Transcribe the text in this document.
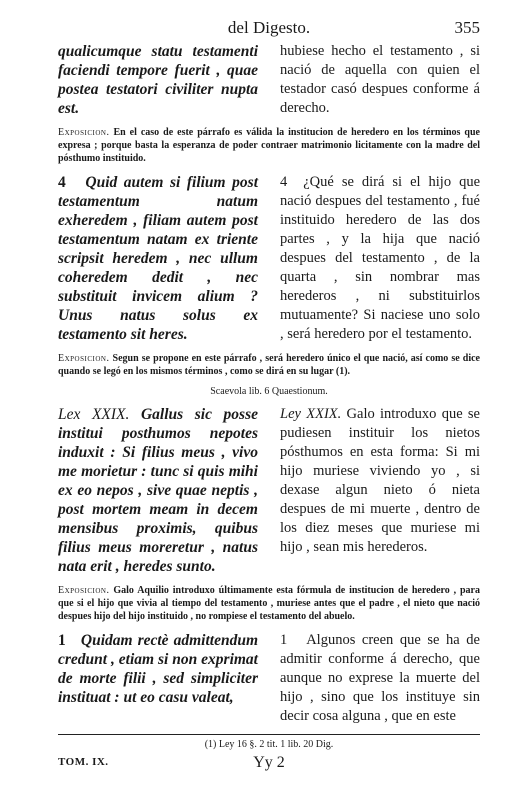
del Digesto.	355
qualicumque statu testamenti faciendi tempore fuerit , quae postea testatori civiliter nupta est.
hubiese hecho el testamento , si nació de aquella con quien el testador casó despues conforme á derecho.
Exposicion. En el caso de este párrafo es válida la institucion de heredero en los términos que expresa ; porque basta la esperanza de poder contraer matrimonio licitamente con la madre del pósthumo instituido.
4 Quid autem si filium post testamentum natum exheredem , filiam autem post testamentum natam ex triente scripsit heredem , nec ullum coheredem dedit , nec substituit invicem alium ? Unus natus solus ex testamento sit heres.
4 ¿Qué se dirá si el hijo que nació despues del testamento , fué instituido heredero de las dos partes , y la hija que nació despues del testamento , de la quarta , sin nombrar mas herederos , ni substituirlos mutuamente? Si naciese uno solo , será heredero por el testamento.
Exposicion. Segun se propone en este párrafo , será heredero único el que nació, así como se dice quando se legó en los mismos términos , como se dirá en su lugar (1).
Scaevola lib. 6 Quaestionum.
Lex XXIX. Gallus sic posse institui posthumos nepotes induxit : Si filius meus , vivo me morietur : tunc si quis mihi ex eo nepos , sive quae neptis , post mortem meam in decem mensibus proximis, quibus filius meus moreretur , natus nata erit , heredes sunto.
Ley XXIX. Galo introduxo que se pudiesen instituir los nietos pósthumos en esta forma: Si mi hijo muriese viviendo yo , si dexase algun nieto ó nieta despues de mi muerte , dentro de los diez meses que muriese mi hijo , sean mis herederos.
Exposicion. Galo Aquilio introduxo últimamente esta fórmula de institucion de heredero , para que si el hijo que vivia al tiempo del testamento , muriese antes que el padre , el nieto que nació despues hijo del hijo instituido , no rompiese el testamento del abuelo.
1 Quidam rectè admittendum credunt , etiam si non exprimat de morte filii , sed simpliciter instituat : ut eo casu valeat,
1 Algunos creen que se ha de admitir conforme á derecho, que aunque no exprese la muerte del hijo , sino que los instituye sin decir cosa alguna , que en este
(1) Ley 16 §. 2 tit. 1 lib. 20 Dig.
TOM. IX.	Yy 2
